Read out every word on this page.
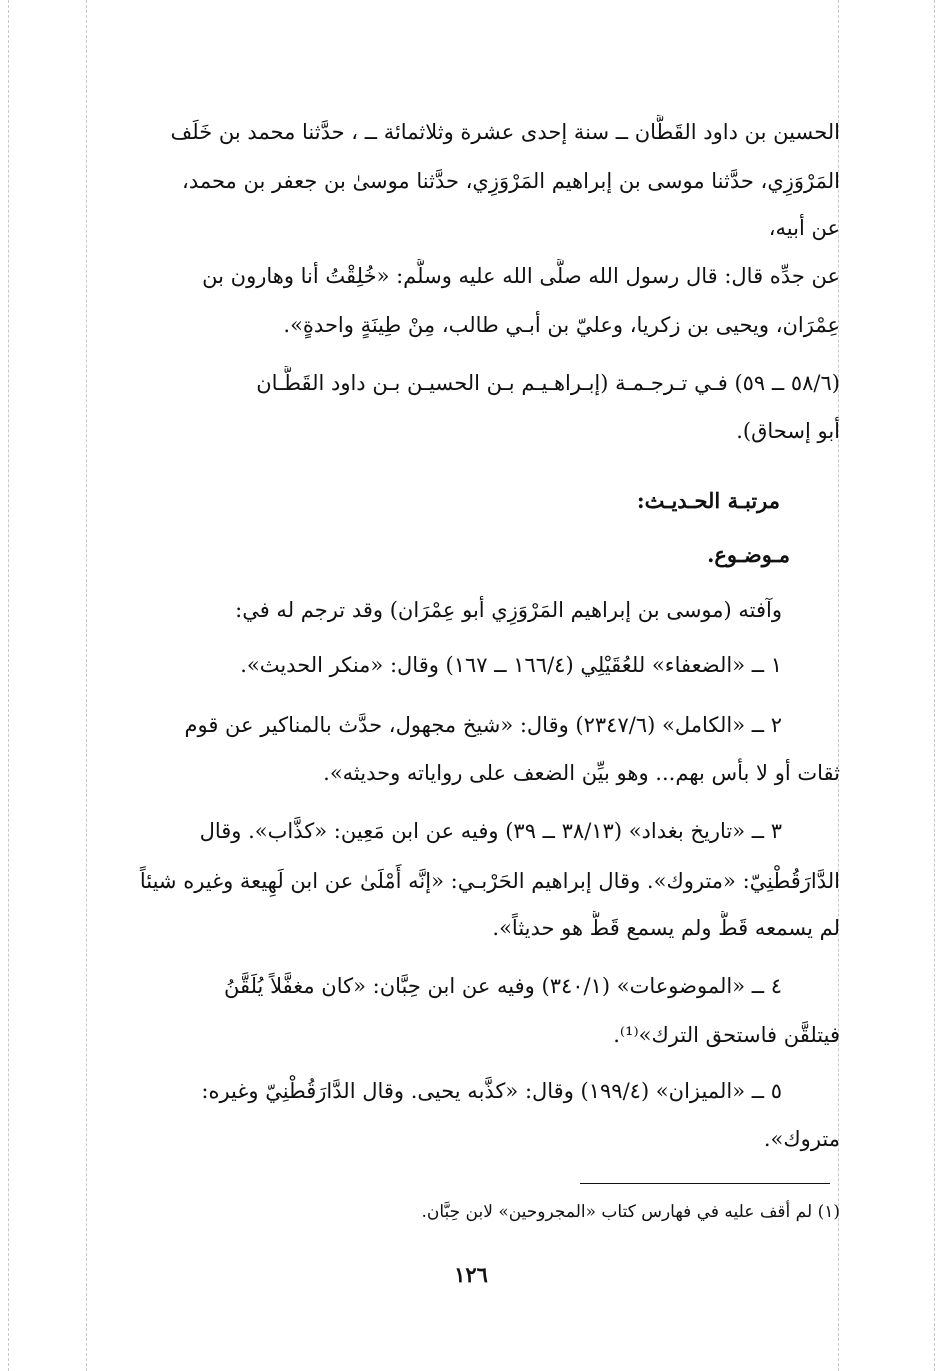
الحسين بن داود القَطَّان ــ سنة إحدى عشرة وثلاثمائة ــ ، حدَّثنا محمد بن خَلَف
المَرْوَزِي، حدَّثنا موسى بن إبراهيم المَرْوَزِي، حدَّثنا موسىٰ بن جعفر بن محمد،
عن أبيه،
عن جدِّه قال: قال رسول الله صلَّى الله عليه وسلَّم: «خُلِقْتُ أنا وهارون بن
عِمْرَان، ويحيى بن زكريا، وعليّ بن أبـي طالب، مِنْ طِينَةٍ واحدةٍ».
(٥٨/٦ ــ ٥٩) فـي تـرجـمـة (إبـراهـيـم بـن الحسيـن بـن داود القَطَّـان
أبو إسحاق).
مرتبـة الحـديـث:
مـوضـوع.
وآفته (موسى بن إبراهيم المَرْوَزِي أبو عِمْرَان) وقد ترجم له في:
١ ــ «الضعفاء» للعُقَيْلِي (١٦٦/٤ ــ ١٦٧) وقال: «منكر الحديث».
٢ ــ «الكامل» (٢٣٤٧/٦) وقال: «شيخ مجهول، حدَّث بالمناكير عن قوم
ثقات أو لا بأس بهم... وهو بيِّن الضعف على رواياته وحديثه».
٣ ــ «تاريخ بغداد» (٣٨/١٣ ــ ٣٩) وفيه عن ابن مَعِين: «كذَّاب». وقال
الدَّارَقُطْنِيّ: «متروك». وقال إبراهيم الحَرْبـي: «إنَّه أَمْلَىٰ عن ابن لَهِيعة وغيره شيئاً
لم يسمعه قَطُّ ولم يسمع قَطُّ هو حديثاً».
٤ ــ «الموضوعات» (٣٤٠/١) وفيه عن ابن حِبَّان: «كان مغفَّلاً يُلَقَّنُ
فيتلقَّن فاستحق الترك»⁽¹⁾.
٥ ــ «الميزان» (١٩٩/٤) وقال: «كذَّبه يحيى. وقال الدَّارَقُطْنِيّ وغيره:
متروك».
(١) لم أقف عليه في فهارس كتاب «المجروحين» لابن حِبَّان.
١٢٦
